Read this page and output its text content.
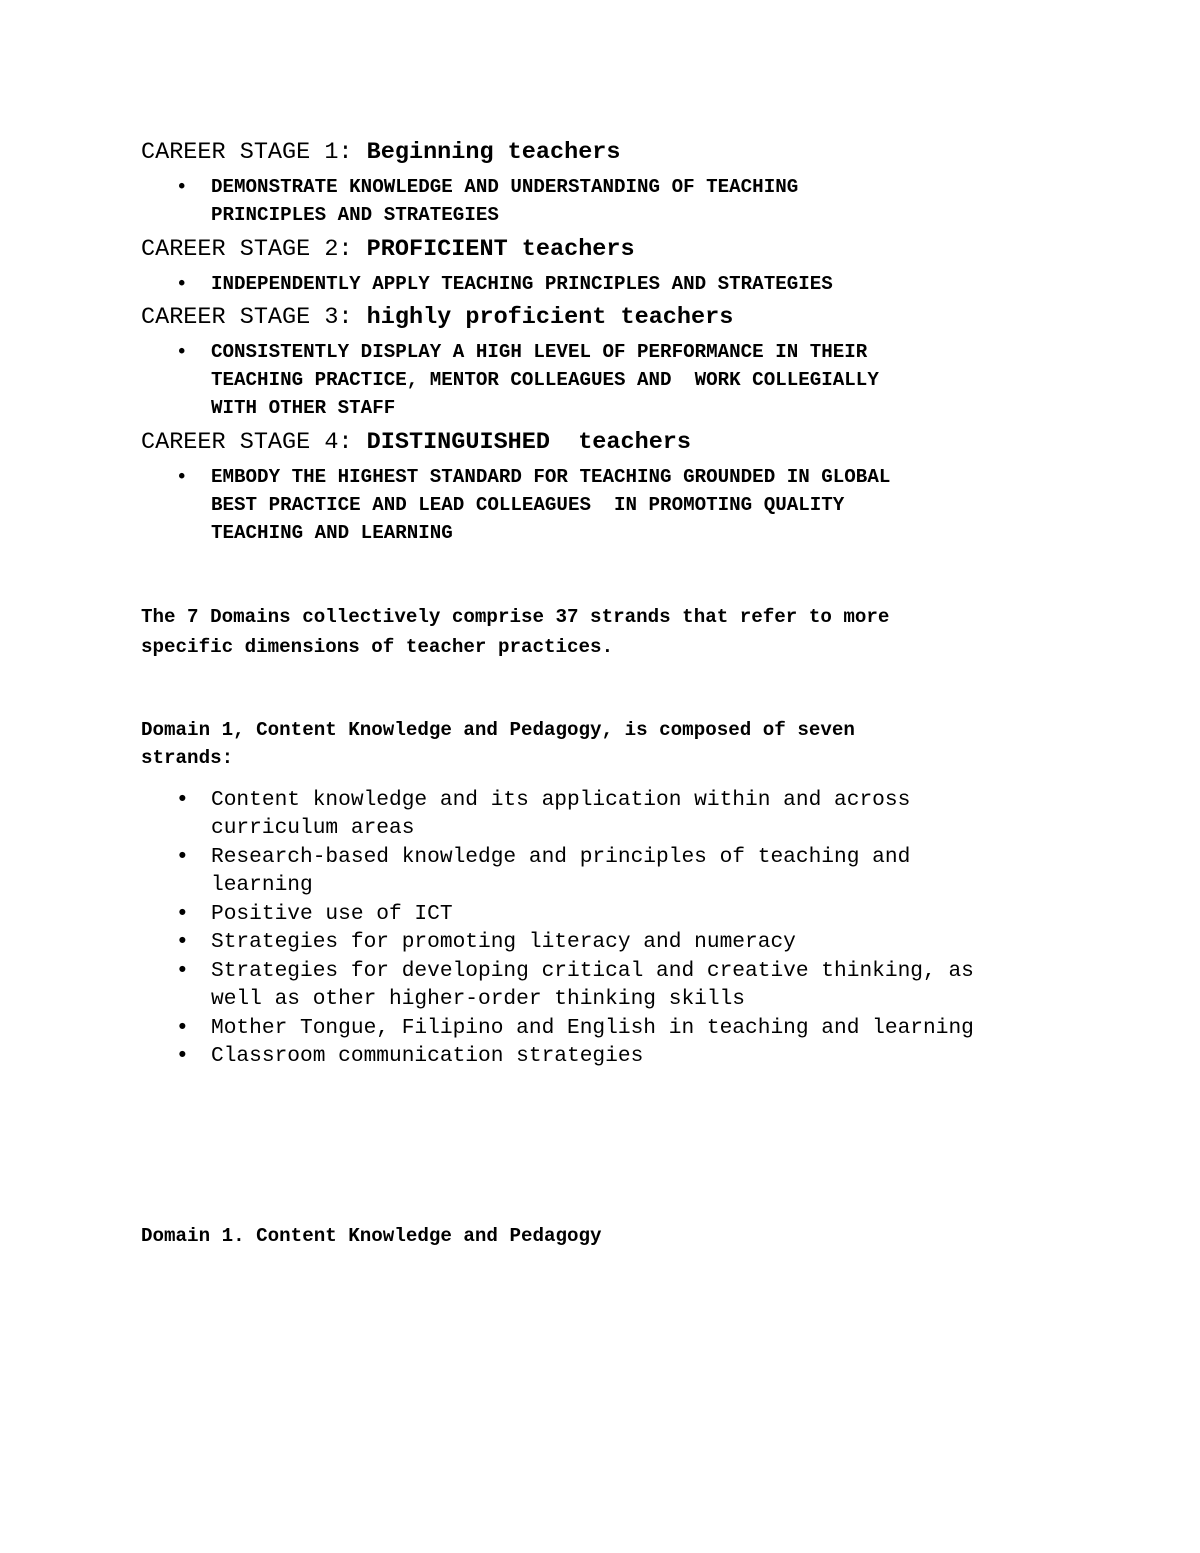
CAREER STAGE 1: Beginning teachers
• DEMONSTRATE KNOWLEDGE AND UNDERSTANDING OF TEACHING
PRINCIPLES AND STRATEGIES
CAREER STAGE 2: PROFICIENT teachers
• INDEPENDENTLY APPLY TEACHING PRINCIPLES AND STRATEGIES
CAREER STAGE 3: highly proficient teachers
• CONSISTENTLY DISPLAY A HIGH LEVEL OF PERFORMANCE IN THEIR
TEACHING PRACTICE, MENTOR COLLEAGUES AND  WORK COLLEGIALLY
WITH OTHER STAFF
CAREER STAGE 4: DISTINGUISHED  teachers
• EMBODY THE HIGHEST STANDARD FOR TEACHING GROUNDED IN GLOBAL
BEST PRACTICE AND LEAD COLLEAGUES  IN PROMOTING QUALITY
TEACHING AND LEARNING

The 7 Domains collectively comprise 37 strands that refer to more
specific dimensions of teacher practices.

Domain 1, Content Knowledge and Pedagogy, is composed of seven
strands:

• Content knowledge and its application within and across
curriculum areas
• Research-based knowledge and principles of teaching and
learning
• Positive use of ICT
• Strategies for promoting literacy and numeracy
• Strategies for developing critical and creative thinking, as
well as other higher-order thinking skills
• Mother Tongue, Filipino and English in teaching and learning
• Classroom communication strategies

Domain 1. Content Knowledge and Pedagogy
